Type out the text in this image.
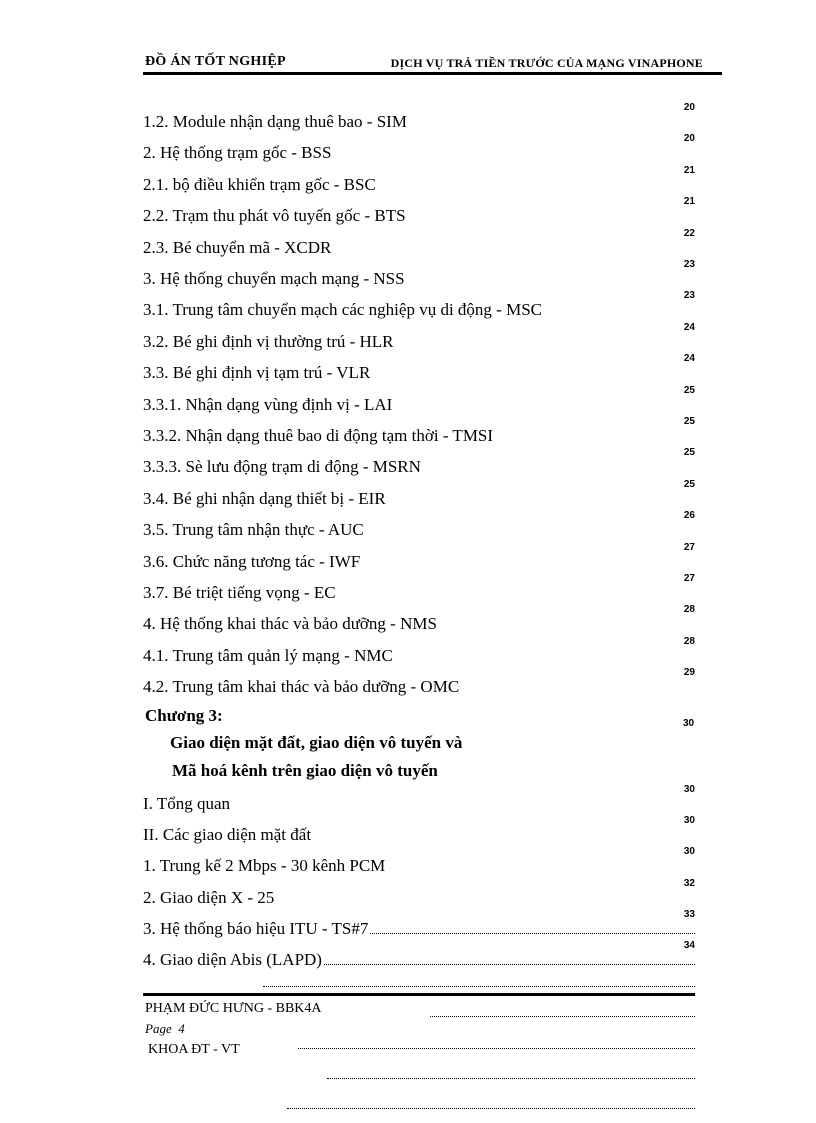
ĐỒ ÁN TỐT NGHIỆP	DỊCH VỤ TRẢ TIỀN TRƯỚC CỦA MẠNG VINAPHONE
1.2. Module nhận dạng thuê bao - SIM
20
2. Hệ thống trạm gốc - BSS
20
2.1. bộ điều khiển trạm gốc - BSC
21
2.2. Trạm thu phát vô tuyến gốc - BTS
21
2.3. Bé chuyển mã - XCDR
22
3. Hệ thống chuyển mạch mạng - NSS
23
3.1. Trung tâm chuyển mạch các nghiệp vụ di động - MSC
23
3.2. Bé ghi định vị thường trú - HLR
24
3.3. Bé ghi định vị tạm trú - VLR
24
3.3.1. Nhận dạng vùng định vị - LAI
25
3.3.2. Nhận dạng thuê bao di động tạm thời - TMSI
25
3.3.3. Sè lưu động trạm di động - MSRN
25
3.4. Bé ghi nhận dạng thiết bị - EIR
25
3.5. Trung tâm nhận thực - AUC
26
3.6. Chức năng tương tác - IWF
27
3.7. Bé triệt tiếng vọng - EC
27
4. Hệ thống khai thác và bảo dưỡng - NMS
28
4.1. Trung tâm quản lý mạng - NMC
28
4.2. Trung tâm khai thác và bảo dưỡng - OMC
29
Chương 3:	30
Giao diện mặt đất, giao diện vô tuyến và
Mã hoá kênh trên giao diện vô tuyến
I. Tổng quan
30
II. Các giao diện mặt đất
30
1. Trung kế 2 Mbps - 30 kênh PCM
30
2. Giao diện X - 25
32
3. Hệ thống báo hiệu ITU - TS#7
33
4. Giao diện Abis (LAPD)
34
PHẠM ĐỨC HƯNG - BBK4A
Page 4
KHOA ĐT - VT
